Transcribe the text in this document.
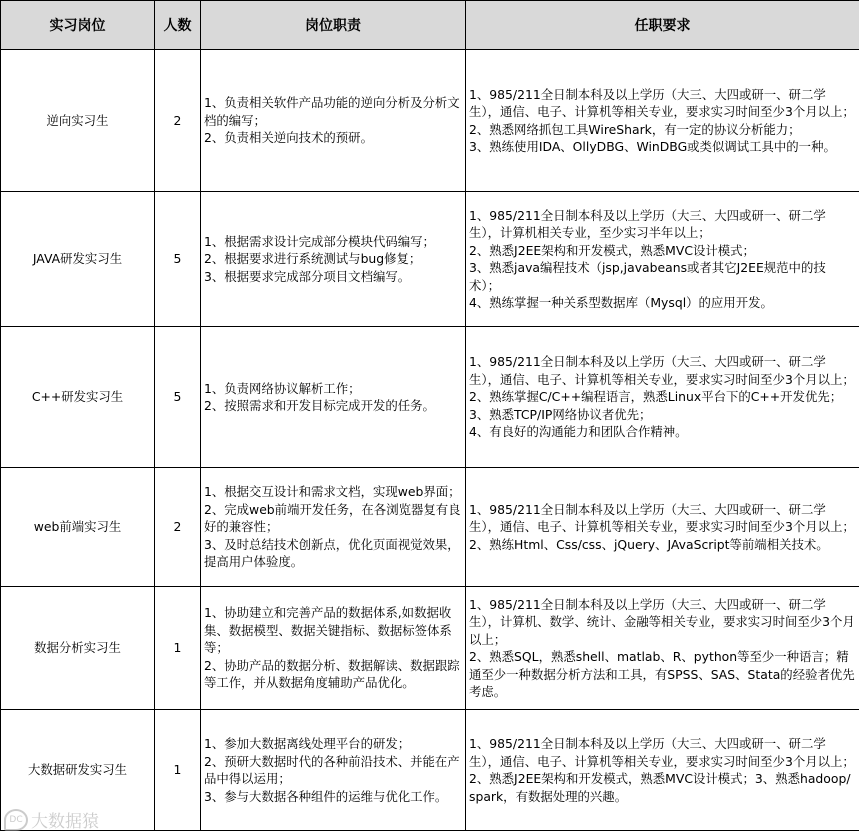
实习岗位	人数	岗位职责	任职要求
逆向实习生	2	1、负责相关软件产品功能的逆向分析及分析文档的编写；
2、负责相关逆向技术的预研。	1、985/211全日制本科及以上学历（大三、大四或研一、研二学生），通信、电子、计算机等相关专业，要求实习时间至少3个月以上；
2、熟悉网络抓包工具WireShark，有一定的协议分析能力；
3、熟练使用IDA、OllyDBG、WinDBG或类似调试工具中的一种。

JAVA研发实习生	5	1、根据需求设计完成部分模块代码编写；
2、根据要求进行系统测试与bug修复；
3、根据要求完成部分项目文档编写。	1、985/211全日制本科及以上学历（大三、大四或研一、研二学生），计算机相关专业，至少实习半年以上；
2、熟悉J2EE架构和开发模式，熟悉MVC设计模式；
3、熟悉java编程技术（jsp,javabeans或者其它J2EE规范中的技术）；
4、熟练掌握一种关系型数据库（Mysql）的应用开发。

C++研发实习生	5	1、负责网络协议解析工作；
2、按照需求和开发目标完成开发的任务。	1、985/211全日制本科及以上学历（大三、大四或研一、研二学生），通信、电子、计算机等相关专业，要求实习时间至少3个月以上；
2、熟练掌握C/C++编程语言，熟悉Linux平台下的C++开发优先；
3、熟悉TCP/IP网络协议者优先；
4、有良好的沟通能力和团队合作精神。

web前端实习生	2	1、根据交互设计和需求文档，实现web界面；
2、完成web前端开发任务，在各浏览器复有良好的兼容性；
3、及时总结技术创新点，优化页面视觉效果，提高用户体验度。	1、985/211全日制本科及以上学历（大三、大四或研一、研二学生），通信、电子、计算机等相关专业，要求实习时间至少3个月以上；
2、熟练Html、Css/css、jQuery、JAvaScript等前端相关技术。

数据分析实习生	1	1、协助建立和完善产品的数据体系,如数据收集、数据模型、数据关键指标、数据标签体系等；
2、协助产品的数据分析、数据解读、数据跟踪等工作，并从数据角度辅助产品优化。	1、985/211全日制本科及以上学历（大三、大四或研一、研二学生），计算机、数学、统计、金融等相关专业，要求实习时间至少3个月以上；
2、熟悉SQL，熟悉shell、matlab、R、python等至少一种语言；精通至少一种数据分析方法和工具，有SPSS、SAS、Stata的经验者优先考虑。

大数据研发实习生	1	1、参加大数据离线处理平台的研发；
2、预研大数据时代的各种前沿技术、并能在产品中得以运用；
3、参与大数据各种组件的运维与优化工作。	1、985/211全日制本科及以上学历（大三、大四或研一、研二学生），通信、电子、计算机等相关专业，要求实习时间至少3个月以上；
2、熟悉J2EE架构和开发模式，熟悉MVC设计模式；3、熟悉hadoop/spark，有数据处理的兴趣。
DC 大数据猿
